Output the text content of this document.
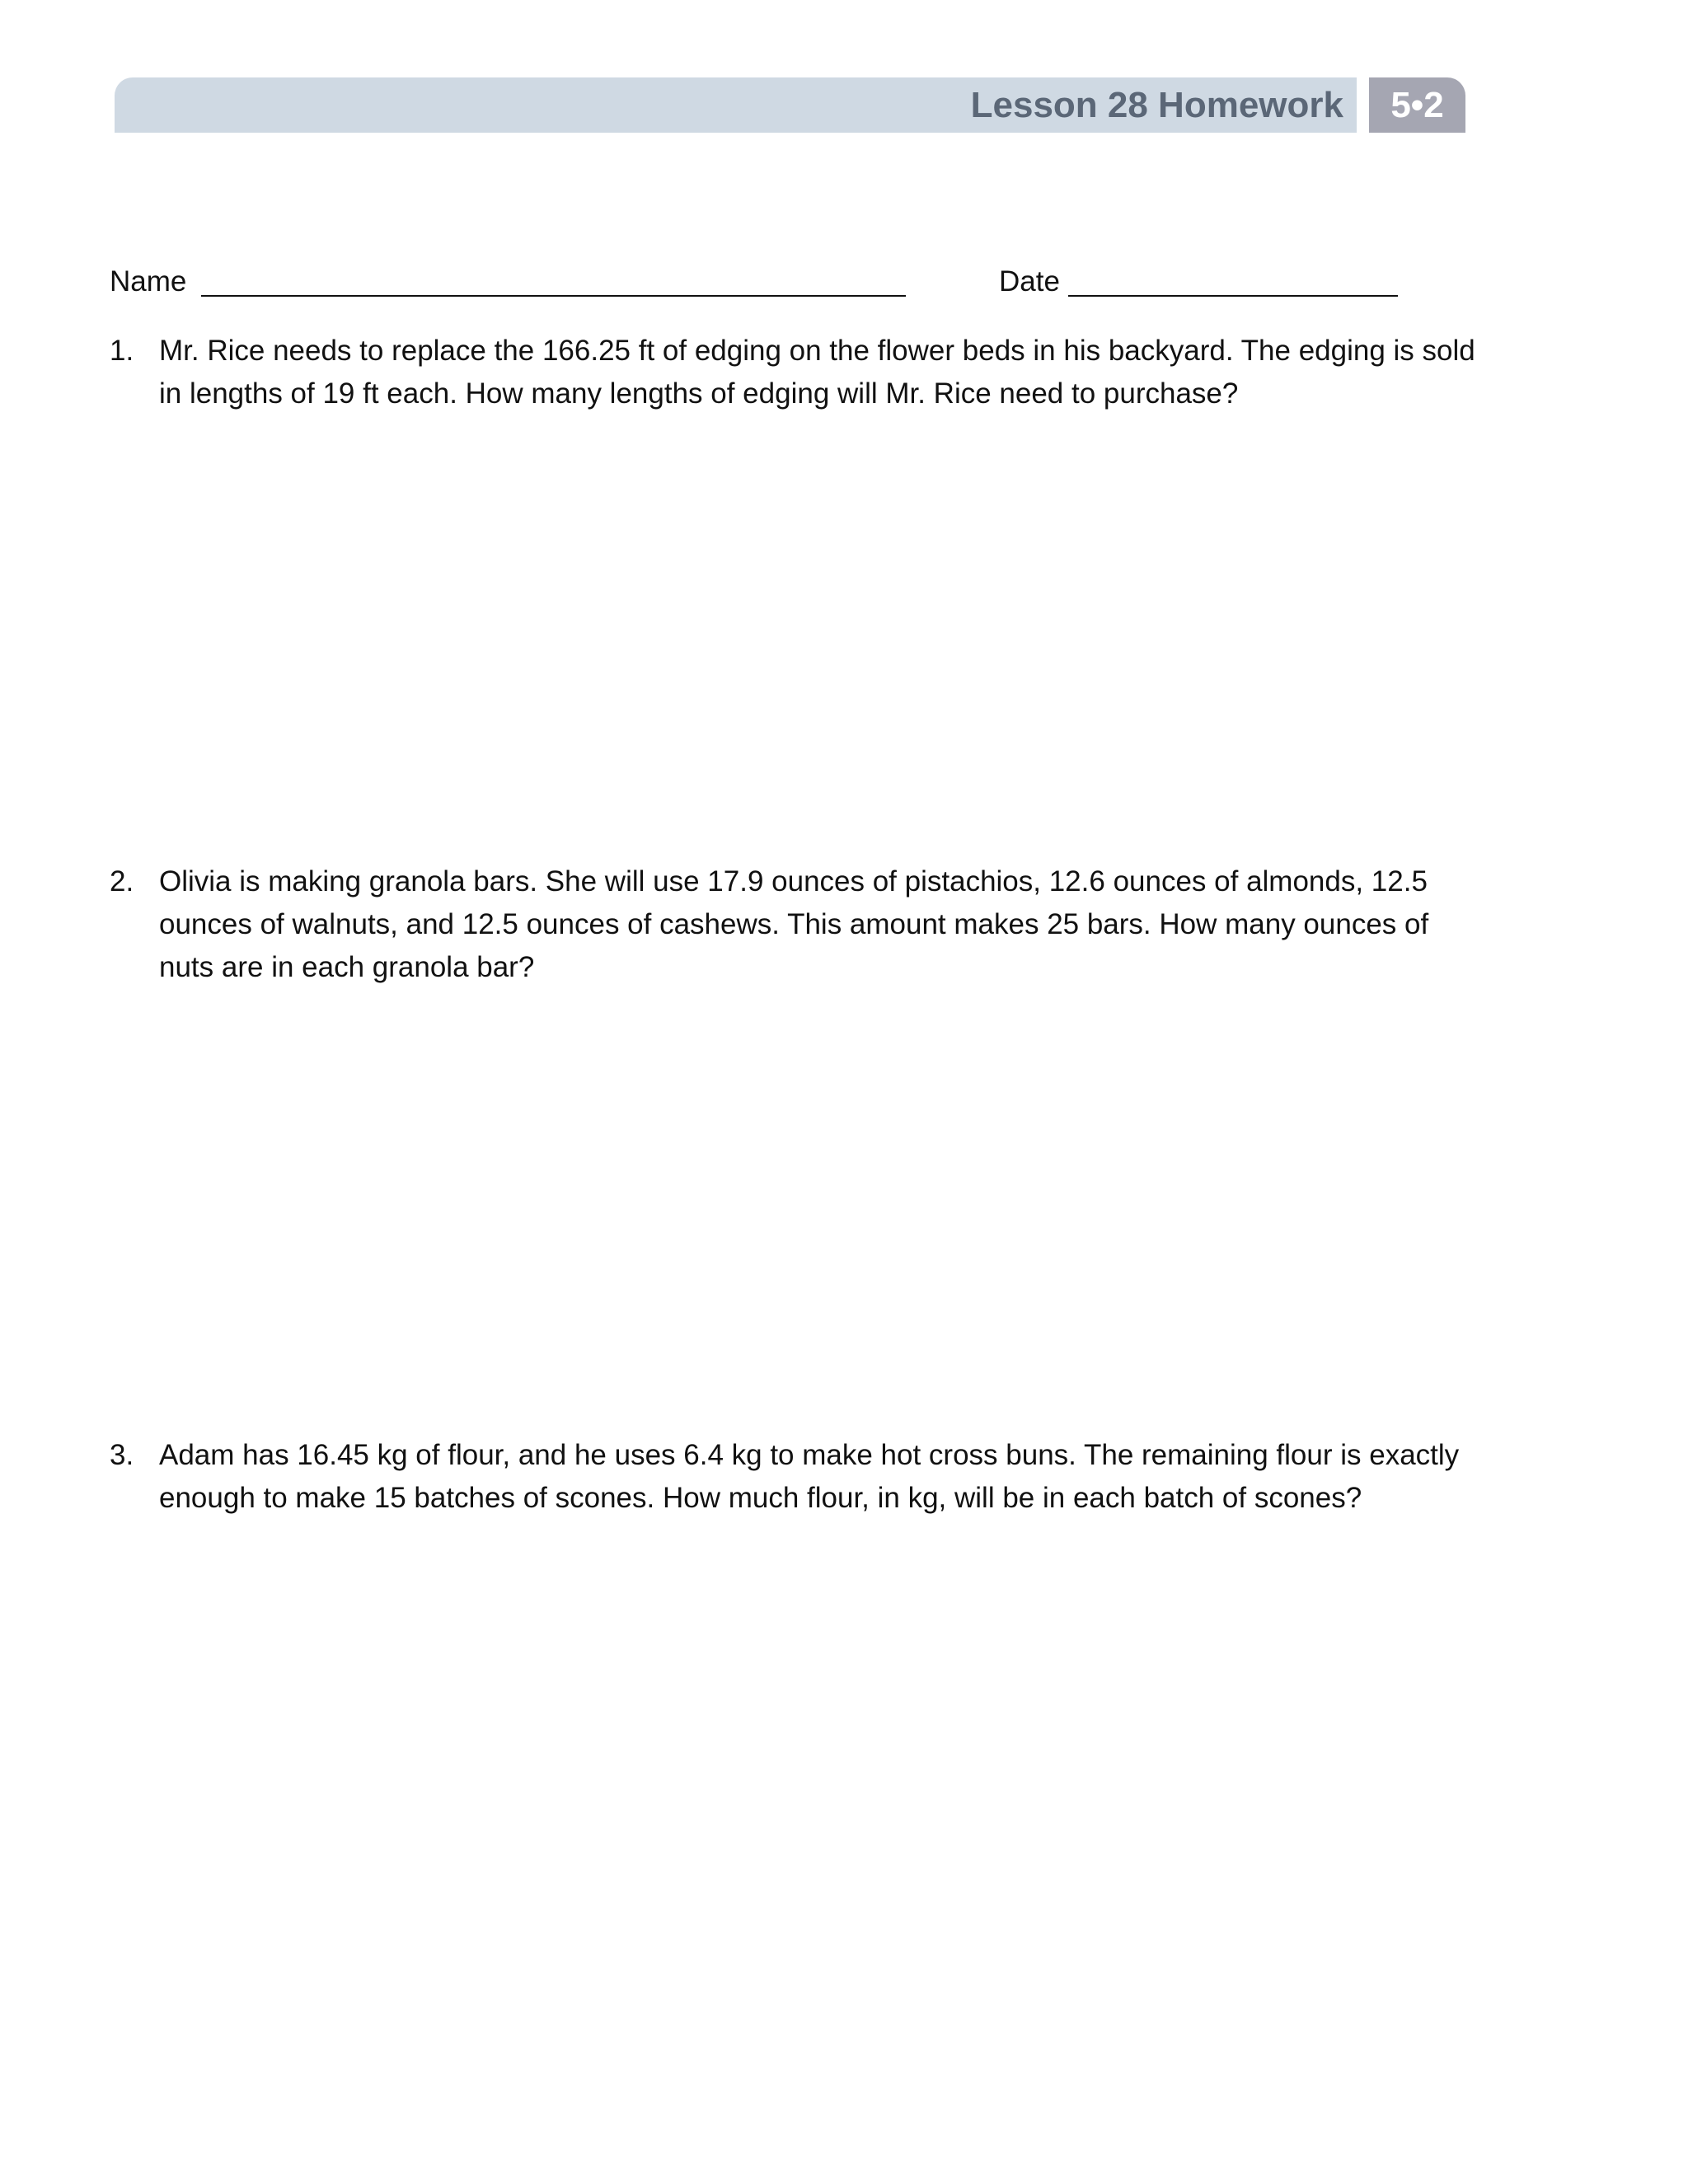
Lesson 28 Homework	5•2
Name	Date
1. Mr. Rice needs to replace the 166.25 ft of edging on the flower beds in his backyard. The edging is sold in lengths of 19 ft each. How many lengths of edging will Mr. Rice need to purchase?
2. Olivia is making granola bars. She will use 17.9 ounces of pistachios, 12.6 ounces of almonds, 12.5 ounces of walnuts, and 12.5 ounces of cashews. This amount makes 25 bars. How many ounces of nuts are in each granola bar?
3. Adam has 16.45 kg of flour, and he uses 6.4 kg to make hot cross buns. The remaining flour is exactly enough to make 15 batches of scones. How much flour, in kg, will be in each batch of scones?
